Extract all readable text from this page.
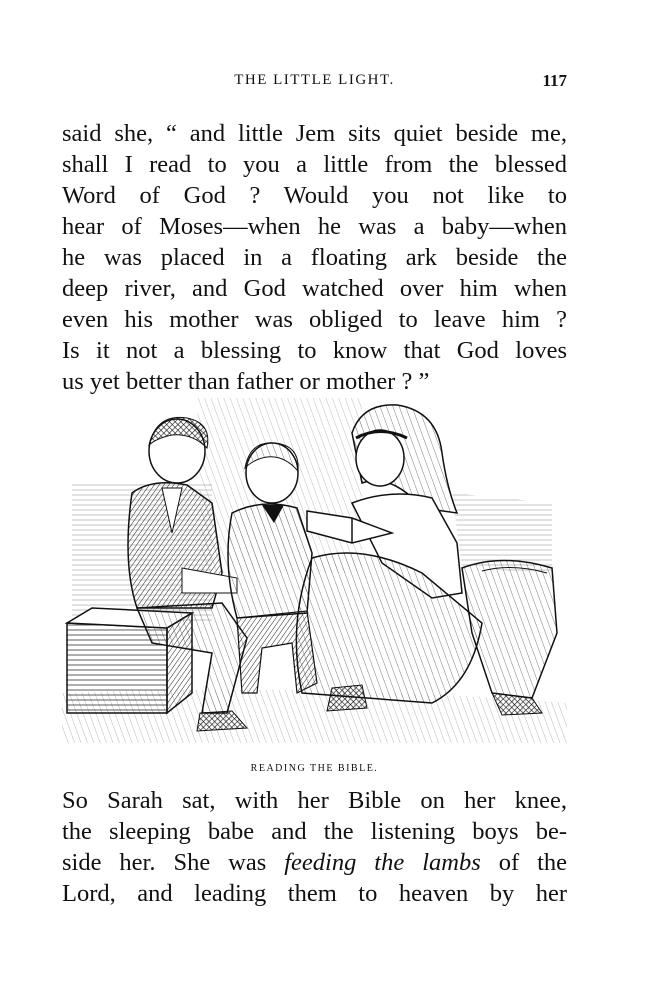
THE LITTLE LIGHT.	117
said she, “ and little Jem sits quiet beside me,
shall I read to you a little from the blessed
Word of God ? Would you not like to
hear of Moses—when he was a baby—when
he was placed in a floating ark beside the
deep river, and God watched over him when
even his mother was obliged to leave him ?
Is it not a blessing to know that God loves
us yet better than father or mother ? ”
READING THE BIBLE.
So Sarah sat, with her Bible on her knee,
the sleeping babe and the listening boys be-
side her. She was feeding the lambs of the
Lord, and leading them to heaven by her
